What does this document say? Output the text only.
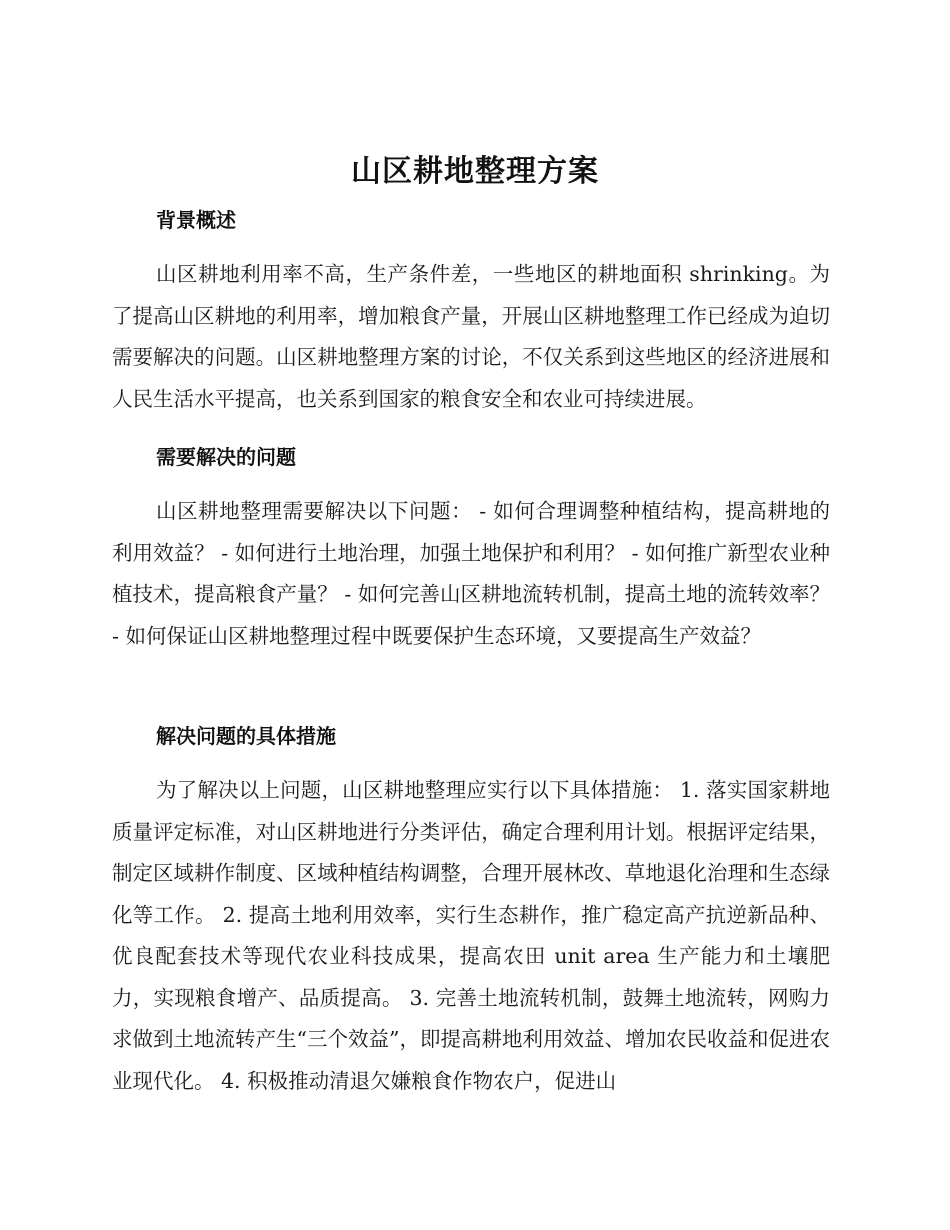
山区耕地整理方案
背景概述

山区耕地利用率不高，生产条件差，一些地区的耕地面积 shrinking。为了提高山区耕地的利用率，增加粮食产量，开展山区耕地整理工作已经成为迫切需要解决的问题。山区耕地整理方案的讨论，不仅关系到这些地区的经济进展和人民生活水平提高，也关系到国家的粮食安全和农业可持续进展。

需要解决的问题

山区耕地整理需要解决以下问题： - 如何合理调整种植结构，提高耕地的利用效益？ - 如何进行土地治理，加强土地保护和利用？ - 如何推广新型农业种植技术，提高粮食产量？ - 如何完善山区耕地流转机制，提高土地的流转效率？ - 如何保证山区耕地整理过程中既要保护生态环境，又要提高生产效益？

解决问题的具体措施

为了解决以上问题，山区耕地整理应实行以下具体措施： 1. 落实国家耕地质量评定标准，对山区耕地进行分类评估，确定合理利用计划。根据评定结果，制定区域耕作制度、区域种植结构调整，合理开展林改、草地退化治理和生态绿化等工作。 2. 提高土地利用效率，实行生态耕作，推广稳定高产抗逆新品种、优良配套技术等现代农业科技成果，提高农田 unit area 生产能力和土壤肥力，实现粮食增产、品质提高。 3. 完善土地流转机制，鼓舞土地流转，网购力求做到土地流转产生“三个效益”，即提高耕地利用效益、增加农民收益和促进农业现代化。 4. 积极推动清退欠嫌粮食作物农户，促进山
